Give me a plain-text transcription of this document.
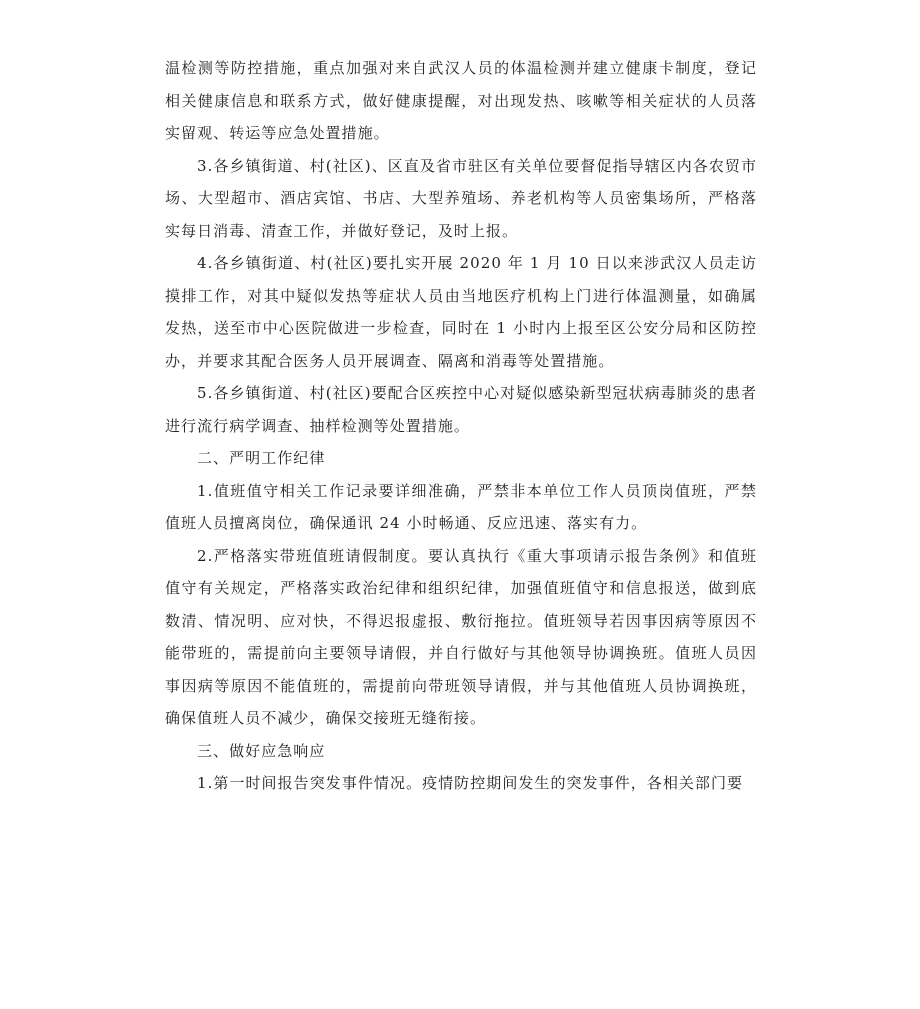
温检测等防控措施，重点加强对来自武汉人员的体温检测并建立健康卡制度，登记相关健康信息和联系方式，做好健康提醒，对出现发热、咳嗽等相关症状的人员落实留观、转运等应急处置措施。

3.各乡镇街道、村(社区)、区直及省市驻区有关单位要督促指导辖区内各农贸市场、大型超市、酒店宾馆、书店、大型养殖场、养老机构等人员密集场所，严格落实每日消毒、清查工作，并做好登记，及时上报。

4.各乡镇街道、村(社区)要扎实开展 2020 年 1 月 10 日以来涉武汉人员走访摸排工作，对其中疑似发热等症状人员由当地医疗机构上门进行体温测量，如确属发热，送至市中心医院做进一步检查，同时在 1 小时内上报至区公安分局和区防控办，并要求其配合医务人员开展调查、隔离和消毒等处置措施。

5.各乡镇街道、村(社区)要配合区疾控中心对疑似感染新型冠状病毒肺炎的患者进行流行病学调查、抽样检测等处置措施。

二、严明工作纪律

1.值班值守相关工作记录要详细准确，严禁非本单位工作人员顶岗值班，严禁值班人员擅离岗位，确保通讯 24 小时畅通、反应迅速、落实有力。

2.严格落实带班值班请假制度。要认真执行《重大事项请示报告条例》和值班值守有关规定，严格落实政治纪律和组织纪律，加强值班值守和信息报送，做到底数清、情况明、应对快，不得迟报虚报、敷衍拖拉。值班领导若因事因病等原因不能带班的，需提前向主要领导请假，并自行做好与其他领导协调换班。值班人员因事因病等原因不能值班的，需提前向带班领导请假，并与其他值班人员协调换班，确保值班人员不减少，确保交接班无缝衔接。

三、做好应急响应

1.第一时间报告突发事件情况。疫情防控期间发生的突发事件，各相关部门要
